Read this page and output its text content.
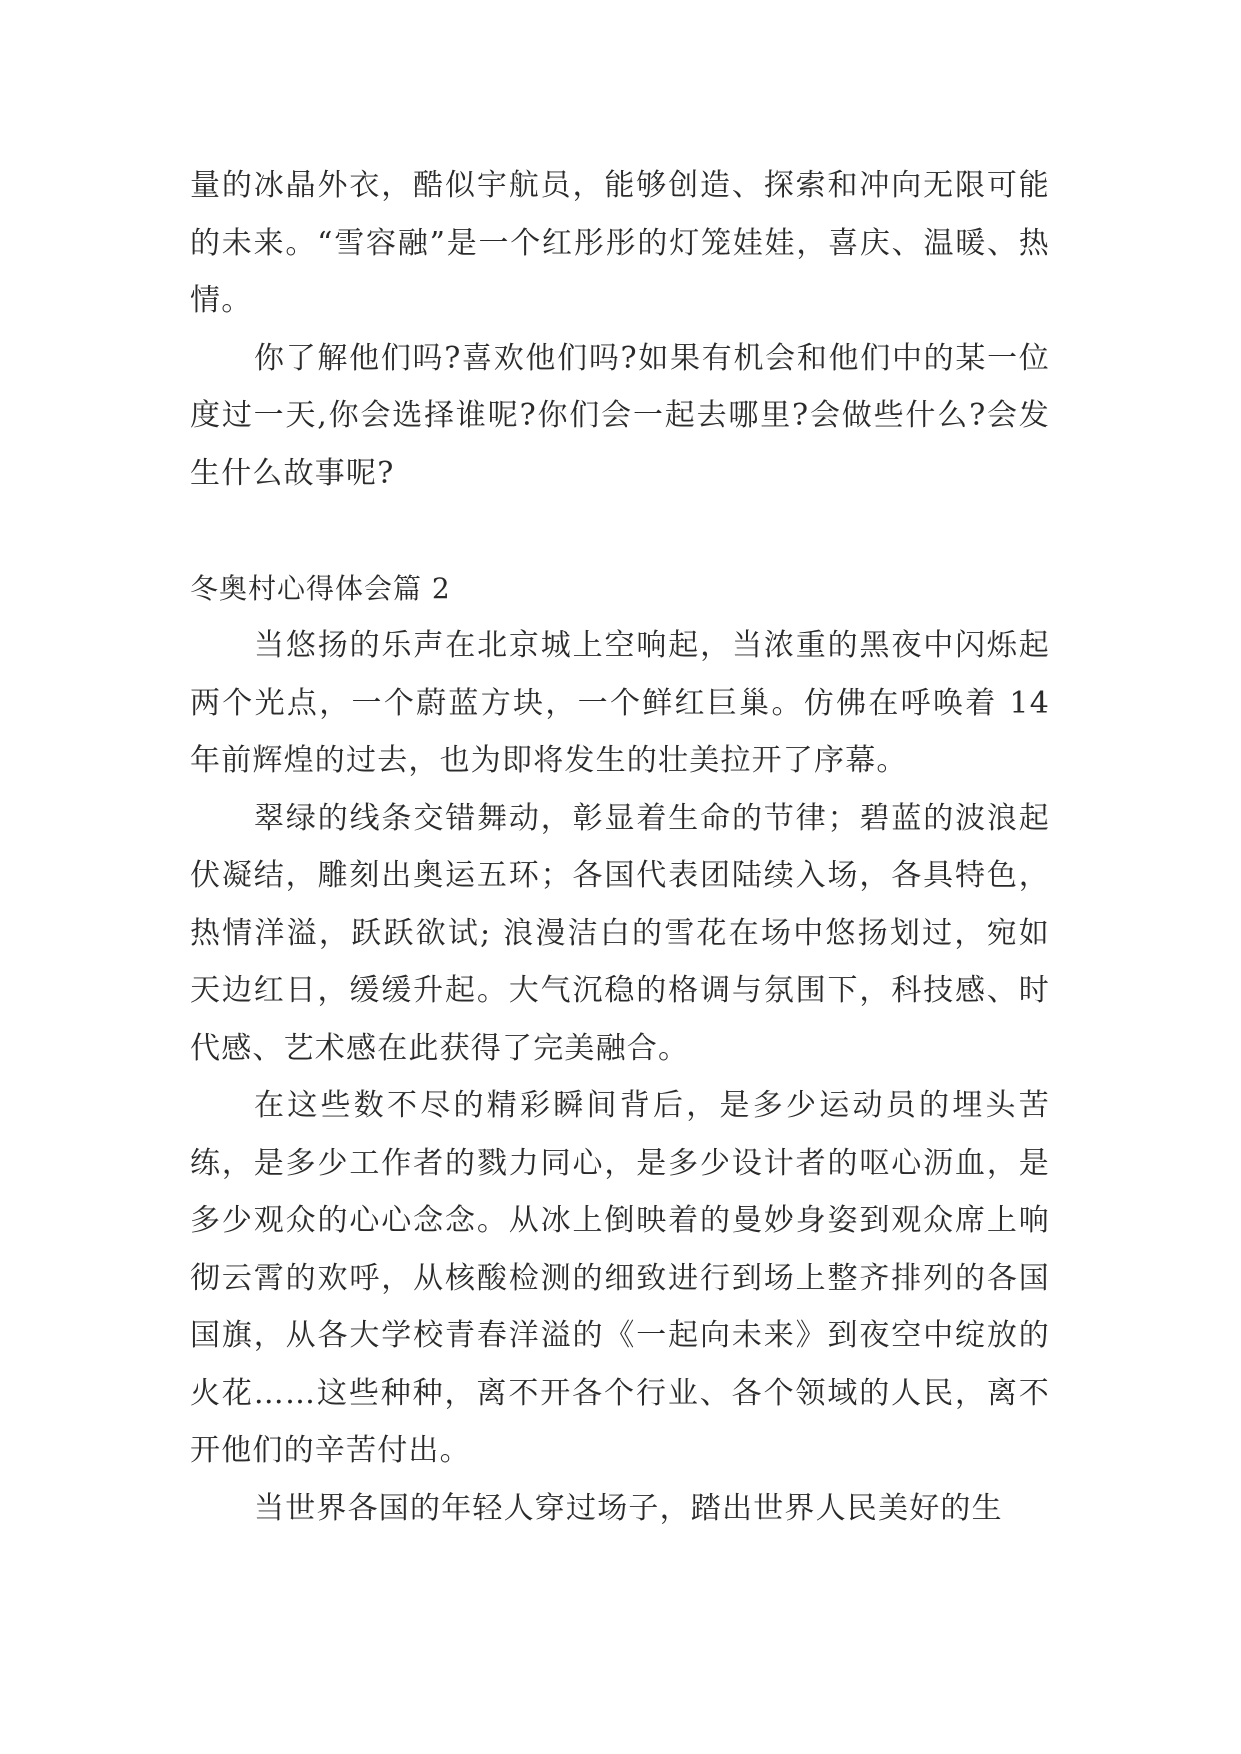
量的冰晶外衣，酷似宇航员，能够创造、探索和冲向无限可能的未来。“雪容融”是一个红彤彤的灯笼娃娃，喜庆、温暖、热情。

你了解他们吗?喜欢他们吗?如果有机会和他们中的某一位度过一天,你会选择谁呢?你们会一起去哪里?会做些什么?会发生什么故事呢?

冬奥村心得体会篇 2

当悠扬的乐声在北京城上空响起，当浓重的黑夜中闪烁起两个光点，一个蔚蓝方块，一个鲜红巨巢。仿佛在呼唤着 14 年前辉煌的过去，也为即将发生的壮美拉开了序幕。

翠绿的线条交错舞动，彰显着生命的节律；碧蓝的波浪起伏凝结，雕刻出奥运五环；各国代表团陆续入场，各具特色，热情洋溢，跃跃欲试; 浪漫洁白的雪花在场中悠扬划过，宛如天边红日，缓缓升起。大气沉稳的格调与氛围下，科技感、时代感、艺术感在此获得了完美融合。

在这些数不尽的精彩瞬间背后，是多少运动员的埋头苦练，是多少工作者的戮力同心，是多少设计者的呕心沥血，是多少观众的心心念念。从冰上倒映着的曼妙身姿到观众席上响彻云霄的欢呼，从核酸检测的细致进行到场上整齐排列的各国国旗，从各大学校青春洋溢的《一起向未来》到夜空中绽放的火花……这些种种，离不开各个行业、各个领域的人民，离不开他们的辛苦付出。

当世界各国的年轻人穿过场子，踏出世界人民美好的生
